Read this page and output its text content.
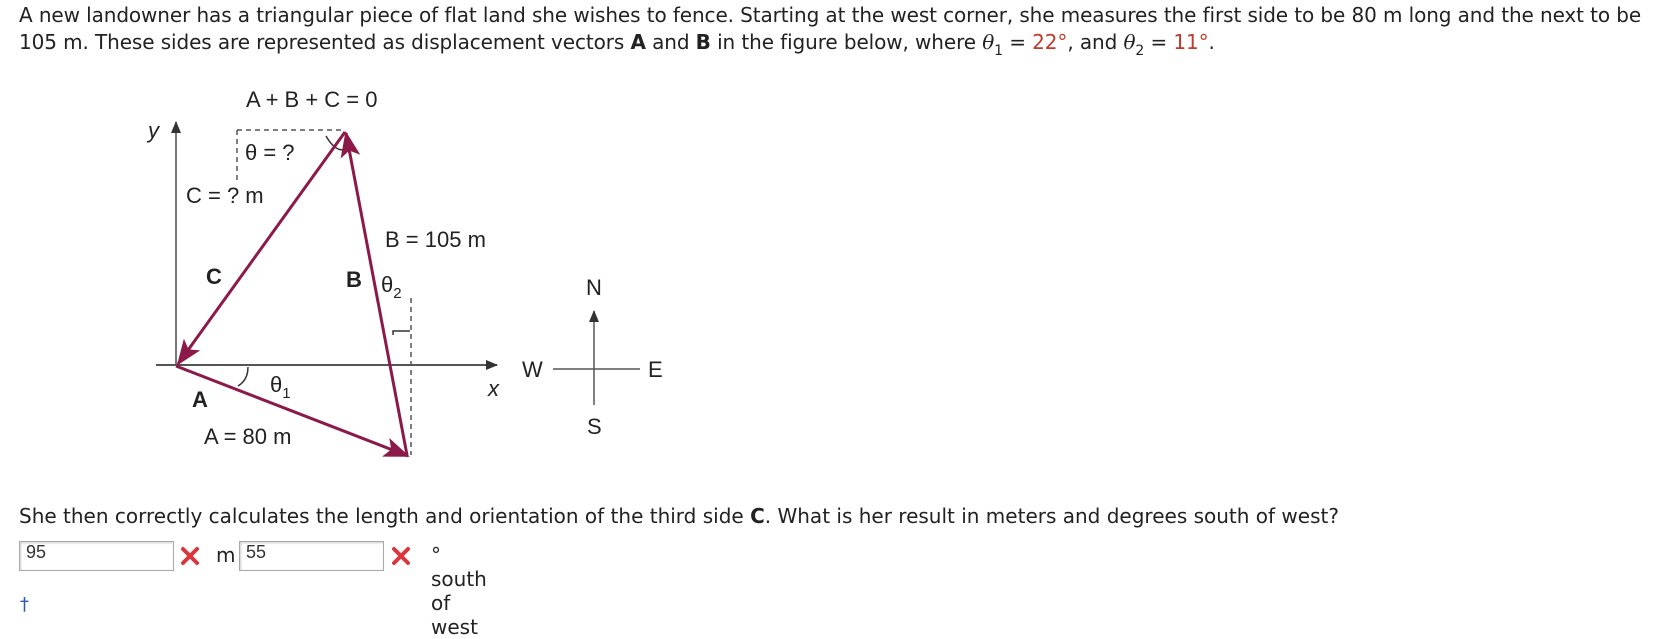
A new landowner has a triangular piece of flat land she wishes to fence. Starting at the west corner, she measures the first side to be 80 m long and the next to be 105 m. These sides are represented as displacement vectors A and B in the figure below, where $\theta_1 = 22^\circ$, and $\theta_2 = 11^\circ$.
A + B + C = 0
y
x
θ = ?
C = ? m
C
B = 105 m
B $\theta_2$
$\theta_1$
A
A = 80 m
N
S
E
W
She then correctly calculates the length and orientation of the third side C. What is her result in meters and degrees south of west?
95	m 55	° south of west
†
